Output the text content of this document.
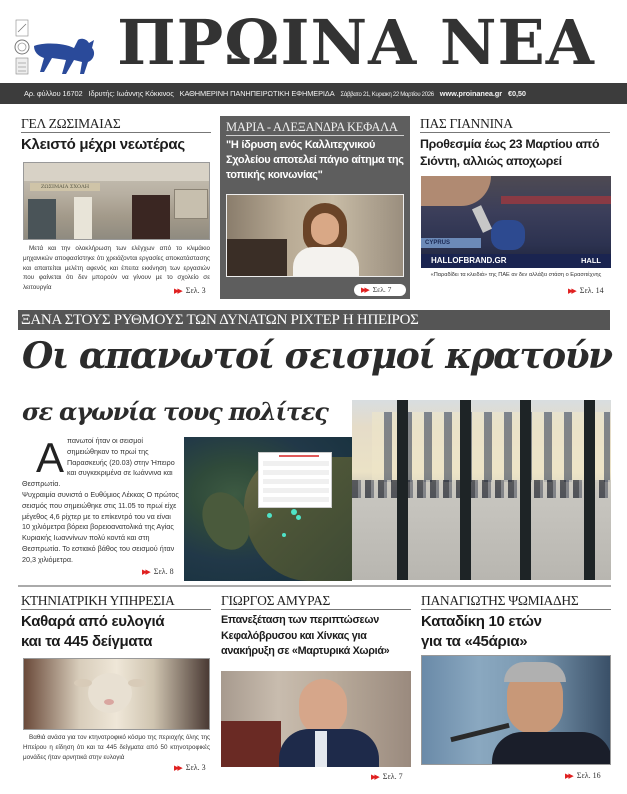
ΠΡΩΙΝΑ ΝΕΑ
Αρ. φύλλου 16702 Ιδρυτής: Ιωάννης Κόκκινος ΚΑΘΗΜΕΡΙΝΗ ΠΑΝΗΠΕΙΡΩΤΙΚΗ ΕΦΗΜΕΡΙΔΑ Σάββατο 21, Κυριακη 22 Μαρτίου 2026 www.proinanea.gr €0,50
ΓΕΛ ΖΩΣΙΜΑΙΑΣ
Κλειστό μέχρι νεωτέρας
ΖΩΣΙΜΑΙΑ ΣΧΟΛΗ
Μετά και την ολοκλήρωση των ελέγχων από το κλιμάκιο μηχανικών αποφασίστηκε ότι χρειάζονται εργασίες αποκατάστασης και απαιτείται μελέτη αφενός και έπειτα εκκίνηση των εργασιών που φαίνεται ότι δεν μπορούν να γίνουν με το σχολείο σε λειτουργία	▶▶ Σελ. 3
ΜΑΡΙΑ - ΑΛΕΞΑΝΔΡΑ ΚΕΦΑΛΑ
"Η ίδρυση ενός Καλλιτεχνικού Σχολείου αποτελεί πάγιο αίτημα της τοπικής κοινωνίας"
▶▶ Σελ. 7
ΠΑΣ ΓΙΑΝΝΙΝΑ
Προθεσμία έως 23 Μαρτίου από Σιόντη, αλλιώς αποχωρεί
CYPRUS
HALLOFBRAND.GR	HALL
«Παραδίδει τα κλειδιά» της ΠΑΕ αν δεν αλλάξει στάση ο Ερασιτέχνης
▶▶ Σελ. 14
ΞΑΝΑ ΣΤΟΥΣ ΡΥΘΜΟΥΣ ΤΩΝ ΔΥΝΑΤΩΝ ΡΙΧΤΕΡ Η ΗΠΕΙΡΟΣ
Οι απανωτοί σεισμοί κρατούν
σε αγωνία τους πολίτες
Α πανωτοί ήταν οι σεισμοί σημειώθηκαν το πρωί της Παρασκευής (20.03) στην Ήπειρο και συγκεκριμένα σε Ιωάννινα και Θεσπρωτία.
Ψυχραιμία συνιστά ο Ευθύμιος Λέκκας Ο πρώτος σεισμός που σημειώθηκε στις 11.05 το πρωί είχε μέγεθος 4,6 ρίχτερ με το επίκεντρό του να είναι 10 χιλιόμετρα βόρεια βορειοανατολικά της Αγίας Κυριακής Ιωαννίνων πολύ κοντά και στη Θεσπρωτία. Το εστιακό βάθος του σεισμού ήταν 20,3 χιλιόμετρα.
▶▶ Σελ. 8
ΚΤΗΝΙΑΤΡΙΚΗ ΥΠΗΡΕΣΙΑ
Καθαρά από ευλογιά
και τα 445 δείγματα
Βαθιά ανάσα για τον κτηνοτροφικό κόσμο της περιοχής όλης της Ηπείρου η είδηση ότι και τα 445 δείγματα από 50 κτηνοτροφικές μονάδες ήταν αρνητικά στην ευλογιά
▶▶ Σελ. 3
ΓΙΩΡΓΟΣ ΑΜΥΡΑΣ
Επανεξέταση των περιπτώσεων Κεφαλόβρυσου και Χίνκας για ανακήρυξη σε «Μαρτυρικά Χωριά»
▶▶ Σελ. 7
ΠΑΝΑΓΙΩΤΗΣ ΨΩΜΙΑΔΗΣ
Καταδίκη 10 ετών
για τα «45άρια»
▶▶ Σελ. 16
